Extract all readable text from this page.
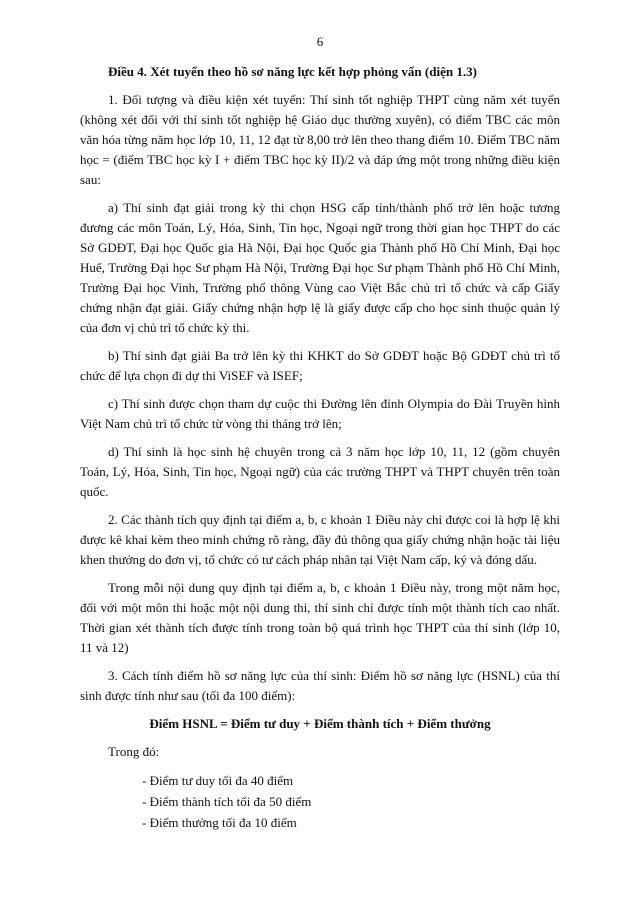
6

Điều 4. Xét tuyển theo hồ sơ năng lực kết hợp phỏng vấn (diện 1.3)

1. Đối tượng và điều kiện xét tuyển: Thí sinh tốt nghiệp THPT cùng năm xét tuyển (không xét đối với thí sinh tốt nghiệp hệ Giáo dục thường xuyên), có điểm TBC các môn văn hóa từng năm học lớp 10, 11, 12 đạt từ 8,00 trở lên theo thang điểm 10. Điểm TBC năm học = (điểm TBC học kỳ I + điểm TBC học kỳ II)/2 và đáp ứng một trong những điều kiện sau:

a) Thí sinh đạt giải trong kỳ thi chọn HSG cấp tỉnh/thành phố trở lên hoặc tương đương các môn Toán, Lý, Hóa, Sinh, Tin học, Ngoại ngữ trong thời gian học THPT do các Sở GDĐT, Đại học Quốc gia Hà Nội, Đại học Quốc gia Thành phố Hồ Chí Minh, Đại học Huế, Trường Đại học Sư phạm Hà Nội, Trường Đại học Sư phạm Thành phố Hồ Chí Minh, Trường Đại học Vinh, Trường phổ thông Vùng cao Việt Bắc chủ trì tổ chức và cấp Giấy chứng nhận đạt giải. Giấy chứng nhận hợp lệ là giấy được cấp cho học sinh thuộc quản lý của đơn vị chủ trì tổ chức kỳ thi.

b) Thí sinh đạt giải Ba trở lên kỳ thi KHKT do Sở GDĐT hoặc Bộ GDĐT chủ trì tổ chức để lựa chọn đi dự thi ViSEF và ISEF;

c) Thí sinh được chọn tham dự cuộc thi Đường lên đỉnh Olympia do Đài Truyền hình Việt Nam chủ trì tổ chức từ vòng thi tháng trở lên;

d) Thí sinh là học sinh hệ chuyên trong cả 3 năm học lớp 10, 11, 12 (gồm chuyên Toán, Lý, Hóa, Sinh, Tin học, Ngoại ngữ) của các trường THPT và THPT chuyên trên toàn quốc.

2. Các thành tích quy định tại điểm a, b, c khoản 1 Điều này chỉ được coi là hợp lệ khi được kê khai kèm theo minh chứng rõ ràng, đầy đủ thông qua giấy chứng nhận hoặc tài liệu khen thưởng do đơn vị, tổ chức có tư cách pháp nhân tại Việt Nam cấp, ký và đóng dấu.

Trong mỗi nội dung quy định tại điểm a, b, c khoản 1 Điều này, trong một năm học, đối với một môn thi hoặc một nội dung thi, thí sinh chỉ được tính một thành tích cao nhất. Thời gian xét thành tích được tính trong toàn bộ quá trình học THPT của thí sinh (lớp 10, 11 và 12)

3. Cách tính điểm hồ sơ năng lực của thí sinh: Điểm hồ sơ năng lực (HSNL) của thí sinh được tính như sau (tối đa 100 điểm):

Điểm HSNL = Điểm tư duy + Điểm thành tích + Điểm thưởng

Trong đó:

- Điểm tư duy tối đa 40 điểm
- Điểm thành tích tối đa 50 điểm
- Điểm thưởng tối đa 10 điểm
